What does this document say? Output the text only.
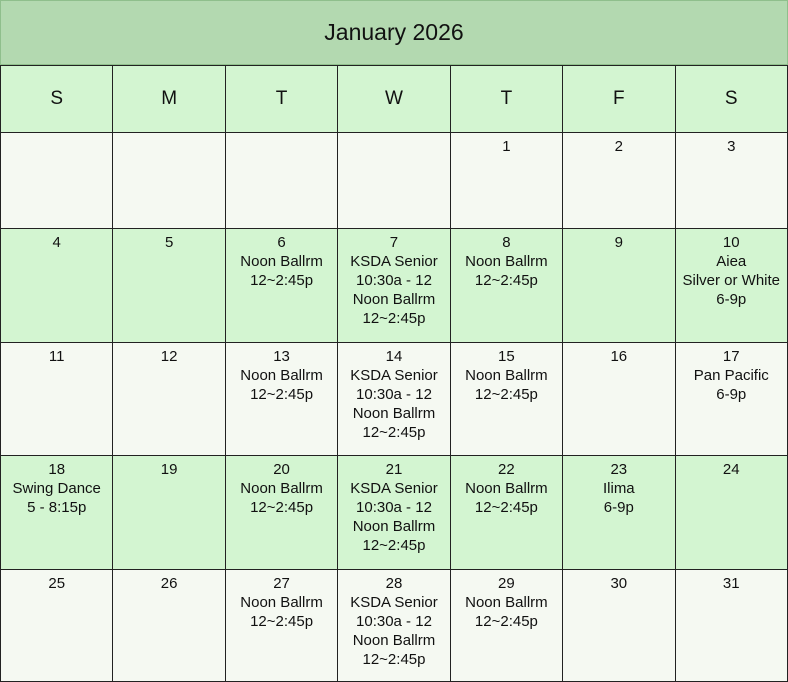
January 2026
S	M	T	W	T	F	S

				1	2	3

4	5	6
Noon Ballrm
12~2:45p	7
KSDA Senior
10:30a - 12
Noon Ballrm
12~2:45p	8
Noon Ballrm
12~2:45p	9	10
Aiea
Silver or White
6-9p

11	12	13
Noon Ballrm
12~2:45p	14
KSDA Senior
10:30a - 12
Noon Ballrm
12~2:45p	15
Noon Ballrm
12~2:45p	16	17
Pan Pacific
6-9p

18
Swing Dance
5 - 8:15p	19	20
Noon Ballrm
12~2:45p	21
KSDA Senior
10:30a - 12
Noon Ballrm
12~2:45p	22
Noon Ballrm
12~2:45p	23
Ilima
6-9p	24

25	26	27
Noon Ballrm
12~2:45p	28
KSDA Senior
10:30a - 12
Noon Ballrm
12~2:45p	29
Noon Ballrm
12~2:45p	30	31
